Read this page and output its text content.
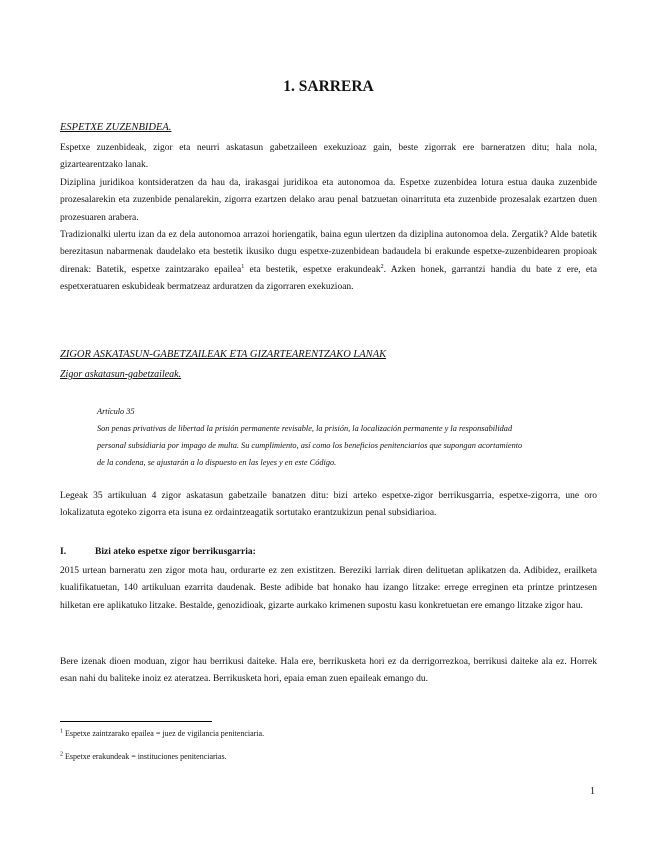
1. SARRERA

ESPETXE ZUZENBIDEA.

Espetxe zuzenbideak, zigor eta neurri askatasun gabetzaileen exekuzioaz gain, beste zigorrak ere barneratzen ditu; hala nola, gizartearentzako lanak.

Diziplina juridikoa kontsideratzen da hau da, irakasgai juridikoa eta autonomoa da. Espetxe zuzenbidea lotura estua dauka zuzenbide prozesalarekin eta zuzenbide penalarekin, zigorra ezartzen delako arau penal batzuetan oinarrituta eta zuzenbide prozesalak ezartzen duen prozesuaren arabera.

Tradizionalki ulertu izan da ez dela autonomoa arrazoi horiengatik, baina egun ulertzen da diziplina autonomoa dela. Zergatik? Alde batetik berezitasun nabarmenak daudelako eta bestetik ikusiko dugu espetxe-zuzenbidean badaudela bi erakunde espetxe-zuzenbidearen propioak direnak: Batetik, espetxe zaintzarako epailea$^1$ eta bestetik, espetxe erakundeak$^2$. Azken honek, garrantzi handia du bate z ere, eta espetxeratuaren eskubideak bermatzeaz arduratzen da zigorraren exekuzioan.

ZIGOR ASKATASUN-GABETZAILEAK ETA GIZARTEARENTZAKO LANAK

Zigor askatasun-gabetzaileak.

Artículo 35
Son penas privativas de libertad la prisión permanente revisable, la prisión, la localización permanente y la responsabilidad
personal subsidiaria por impago de multa. Su cumplimiento, así como los beneficios penitenciarios que supongan acortamiento
de la condena, se ajustarán a lo dispuesto en las leyes y en este Código.

Legeak 35 artikuluan 4 zigor askatasun gabetzaile banatzen ditu: bizi arteko espetxe-zigor berrikusgarria, espetxe-zigorra, une oro lokalizatuta egoteko zigorra eta isuna ez ordaintzeagatik sortutako erantzukizun penal subsidiarioa.

I.	Bizi ateko espetxe zigor berrikusgarria:

2015 urtean barneratu zen zigor mota hau, ordurarte ez zen existitzen. Bereziki larriak diren delituetan aplikatzen da. Adibidez, erailketa kualifikatuetan, 140 artikuluan ezarrita daudenak. Beste adibide bat honako hau izango litzake: errege erreginen eta printze printzesen hilketan ere aplikatuko litzake. Bestalde, genozidioak, gizarte aurkako krimenen supostu kasu konkretuetan ere emango litzake zigor hau.

Bere izenak dioen moduan, zigor hau berrikusi daiteke. Hala ere, berrikusketa hori ez da derrigorrezkoa, berrikusi daiteke ala ez. Horrek esan nahi du baliteke inoiz ez ateratzea. Berrikusketa hori, epaia eman zuen epaileak emango du.

$^1$ Espetxe zaintzarako epailea = juez de vigilancia penitenciaria.

$^2$ Espetxe erakundeak = instituciones penitenciarias.

1
